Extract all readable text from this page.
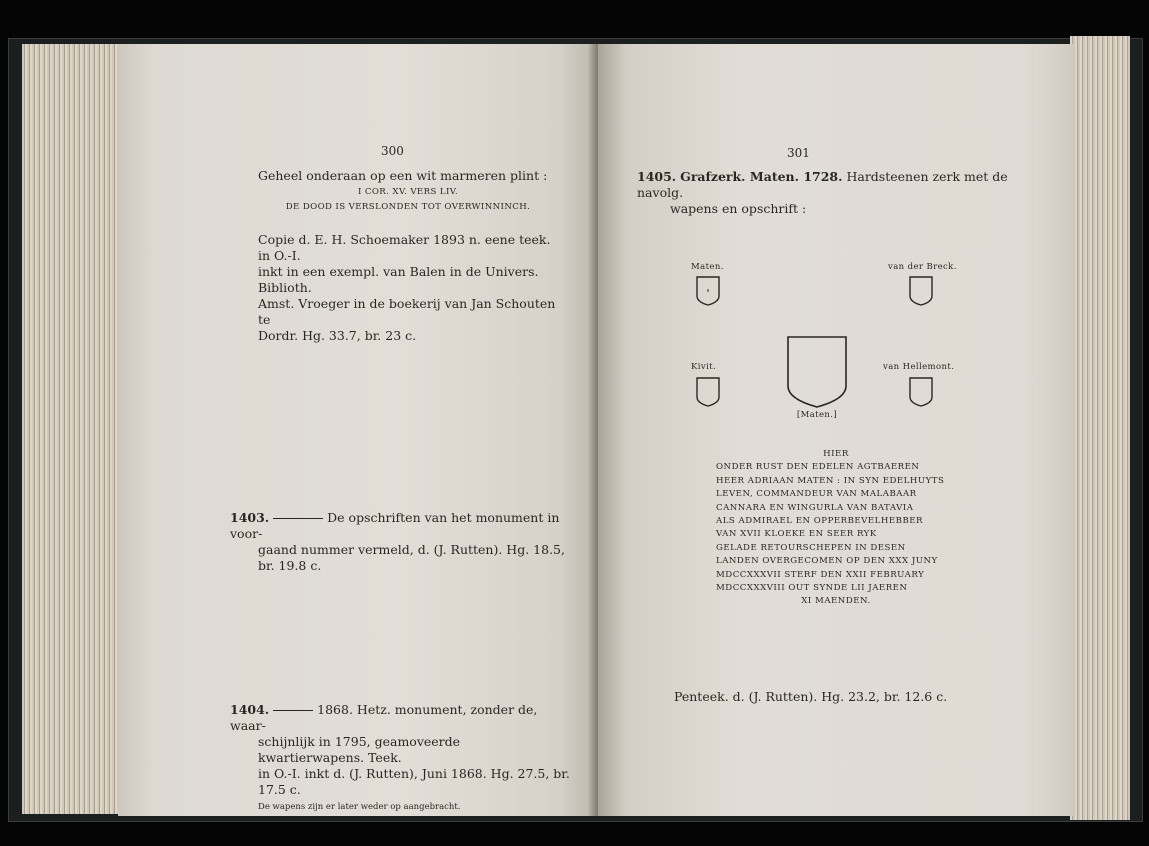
300
Geheel onderaan op een wit marmeren plint :
I COR. XV. VERS LIV.
DE DOOD IS VERSLONDEN TOT OVERWINNINCH.
Copie d. E. H. Schoemaker 1893 n. eene teek. in O.-I.
inkt in een exempl. van Balen in de Univers. Biblioth.
Amst. Vroeger in de boekerij van Jan Schouten te
Dordr. Hg. 33.7, br. 23 c.
1403.	De opschriften van het monument in voor-
gaand nummer vermeld, d. (J. Rutten). Hg. 18.5, br. 19.8 c.
1404.	1868. Hetz. monument, zonder de, waar-
schijnlijk in 1795, geamoveerde kwartierwapens. Teek.
in O.-I. inkt d. (J. Rutten), Juni 1868. Hg. 27.5, br. 17.5 c.
De wapens zijn er later weder op aangebracht.
301
1405. Grafzerk. Maten. 1728. Hardsteenen zerk met de navolg.
wapens en opschrift :
Maten.	van der Breck.
[Maten.]
Kivit.	van Hellemont.
HIER
ONDER RUST DEN EDELEN AGTBAEREN
HEER ADRIAAN MATEN : IN SYN EDELHUYTS
LEVEN, COMMANDEUR VAN MALABAAR
CANNARA EN WINGURLA VAN BATAVIA
ALS ADMIRAEL EN OPPERBEVELHEBBER
VAN XVII KLOEKE EN SEER RYK
GELADE RETOURSCHEPEN IN DESEN
LANDEN OVERGECOMEN OP DEN XXX JUNY
MDCCXXXVII STERF DEN XXII FEBRUARY
MDCCXXXVIII OUT SYNDE LII JAEREN
XI MAENDEN.
Penteek. d. (J. Rutten). Hg. 23.2, br. 12.6 c.
